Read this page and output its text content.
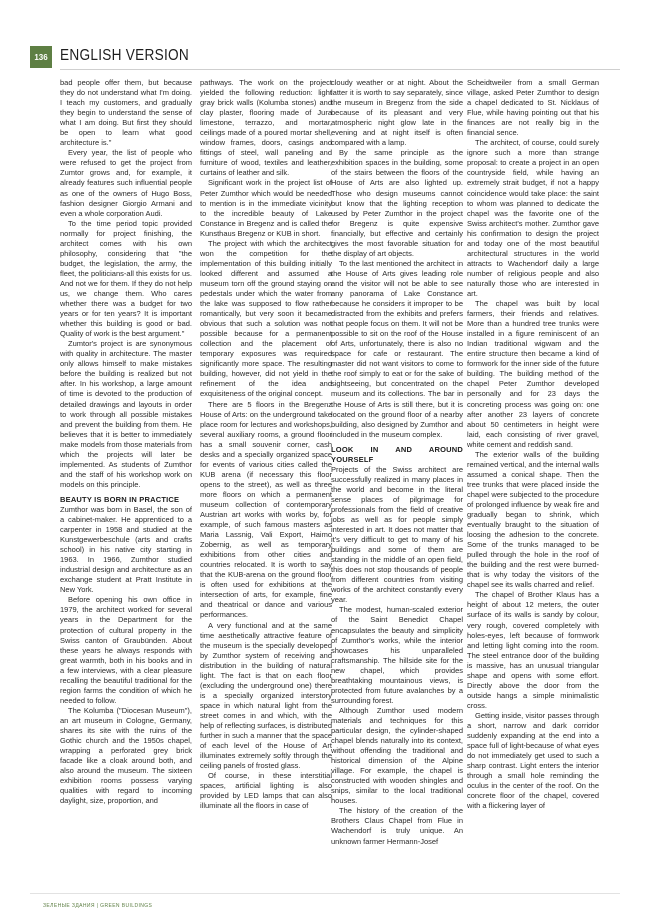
136 ENGLISH VERSION

bad people offer them, but because they do not understand what I'm doing. I teach my customers, and gradually they begin to understand the sense of what I am doing. But first they should be open to learn what good architecture is."

Every year, the list of people who were refused to get the project from Zumtor grows and, for example, it already features such influential people as one of the owners of Hugo Boss, fashion designer Giorgio Armani and even a whole corporation Audi.

To the time period topic provided normally for project finishing, the architect comes with his own philosophy, considering that "the budget, the legislation, the army, the fleet, the politicians-all this exists for us. And not we for them. If they do not help us, we change them. Who cares whether there was a budget for two years or for ten years? It is important whether this building is good or bad. Quality of work is the best argument."

Zumtor's project is are synonymous with quality in architecture. The master only allows himself to make mistakes before the building is realized but not after. In his workshop, a large amount of time is devoted to the production of detailed drawings and layouts in order to work through all possible mistakes and prevent the building from them. He believes that it is better to immediately make models from those materials from which the projects will later be implemented. As students of Zumthor and the staff of his workshop work on models on this principle.

BEAUTY IS BORN IN PRACTICE

Zumthor was born in Basel, the son of a cabinet-maker. He apprenticed to a carpenter in 1958 and studied at the Kunstgewerbeschule (arts and crafts school) in his native city starting in 1963. In 1966, Zumthor studied industrial design and architecture as an exchange student at Pratt Institute in New York.

Before opening his own office in 1979, the architect worked for several years in the Department for the protection of cultural property in the Swiss canton of Graubünden. About these years he always responds with great warmth, both in his books and in a few interviews, with a clear pleasure recalling the beautiful traditional for the region farms the condition of which he needed to follow.

The Kolumba ("Diocesan Museum"), an art museum in Cologne, Germany, shares its site with the ruins of the Gothic church and the 1950s chapel, wrapping a perforated grey brick facade like a cloak around both, and also around the museum. The sixteen exhibition rooms possess varying qualities with regard to incoming daylight, size, proportion, and

pathways. The work on the project yielded the following reduction: light gray brick walls (Kolumba stones) and clay plaster, flooring made of Jura limestone, terrazzo, and mortar, ceilings made of a poured mortar shell, window frames, doors, casings and fittings of steel, wall paneling and furniture of wood, textiles and leather, curtains of leather and silk.

Significant work in the project list of Peter Zumthor which would be needed to mention is in the immediate vicinity to the incredible beauty of Lake Constance in Bregenz and is called the Kunsthaus Bregenz or KUB in short.

The project with which the architect won the competition for the implementation of this building initially looked different and assumed a museum torn off the ground staying on pedestals under which the water from the lake was supposed to flow rather romantically, but very soon it became obvious that such a solution was not possible because for a permanent collection and the placement of temporary exposures was required significantly more space. The resulting building, however, did not yield in the refinement of the idea and exquisiteness of the original concept.

There are 5 floors in the Bregenz House of Arts: on the underground take place room for lectures and workshops, several auxiliary rooms, a ground floor has a small souvenir corner, cash desks and a specially organized space for events of various cities called the KUB arena (if necessary this floor opens to the street), as well as three more floors on which a permanent museum collection of contemporary Austrian art works with works by, for example, of such famous masters as Maria Lassnig, Vali Export, Haimo Zobernig, as well as temporary exhibitions from other cities and countries relocated. It is worth to say that the KUB-arena on the ground floor is often used for exhibitions at the intersection of arts, for example, fine and theatrical or dance and various performances.

A very functional and at the same time aesthetically attractive feature of the museum is the specially developed by Zumthor system of receiving and distribution in the building of natural light. The fact is that on each floor (excluding the underground one) there is a specially organized interstory space in which natural light from the street comes in and which, with the help of reflecting surfaces, is distributed further in such a manner that the space of each level of the House of Art illuminates extremely softly through the ceiling panels of frosted glass.

Of course, in these interstitial spaces, artificial lighting is also provided by LED lamps that can also illuminate all the floors in case of

cloudy weather or at night. About the latter it is worth to say separately, since the museum in Bregenz from the side because of its pleasant and very atmospheric night glow late in the evening and at night itself is often compared with a lamp.

By the same principle as the exhibition spaces in the building, some of the stairs between the floors of the House of Arts are also lighted up. Those who design museums cannot but know that the lighting reception used by Peter Zumthor in the project for Bregenz is quite expensive financially, but effective and certainly gives the most favorable situation for the display of art objects.

To the last mentioned the architect in the House of Arts gives leading role and the visitor will not be able to see any panorama of Lake Constance because he considers it improper to be distracted from the exhibits and prefers that people focus on them. It will not be possible to sit on the roof of the House of Arts, unfortunately, there is also no space for cafe or restaurant. The master did not want visitors to come to the roof simply to eat or for the sake of sightseeing, but concentrated on the museum and its collections. The bar in the House of Arts is still there, but it is located on the ground floor of a nearby building, also designed by Zumthor and included in the museum complex.

LOOK IN AND AROUND YOURSELF

Projects of the Swiss architect are successfully realized in many places in the world and become in the literal sense places of pilgrimage for professionals from the field of creative jobs as well as for people simply interested in art. It does not matter that it's very difficult to get to many of his buildings and some of them are standing in the middle of an open field, this does not stop thousands of people from different countries from visiting works of the architect constantly every year.

The modest, human-scaled exterior of the Saint Benedict Chapel encapsulates the beauty and simplicity of Zumthor's works, while the interior showcases his unparalleled craftsmanship. The hillside site for the new chapel, which provides breathtaking mountainous views, is protected from future avalanches by a surrounding forest.

Although Zumthor used modern materials and techniques for this particular design, the cylinder-shaped chapel blends naturally into its context, without offending the traditional and historical dimension of the Alpine village. For example, the chapel is constructed with wooden shingles and snips, similar to the local traditional houses.

The history of the creation of the Brothers Claus Chapel from Flue in Wachendorf is truly unique. An unknown farmer Hermann-Josef

Scheidtweiler from a small German village, asked Peter Zumthor to design a chapel dedicated to St. Nicklaus of Flue, while having pointing out that his finances are not really big in the financial sence.

The architect, of course, could surely ignore such a more than strange proposal: to create a project in an open countryside field, while having an extremely strait budget, if not a happy coincidence would take place: the saint to whom was planned to dedicate the chapel was the favorite one of the Swiss architect's mother. Zumthor gave his confirmation to design the project and today one of the most beautiful architectural structures in the world attracts to Wachendorf daily a large number of religious people and also naturally those who are interested in art.

The chapel was built by local farmers, their friends and relatives. More than a hundred tree trunks were installed in a figure reminiscent of an Indian traditional wigwam and the entire structure then became a kind of formwork for the inner side of the future building. The building method of the chapel Peter Zumthor developed personally and for 23 days the concreting process was going on: one after another 23 layers of concrete about 50 centimeters in height were laid, each consisting of river gravel, white cement and reddish sand.

The exterior walls of the building remained vertical, and the internal walls assumed a conical shape. Then the tree trunks that were placed inside the chapel were subjected to the procedure of prolonged influence by weak fire and gradually began to shrink, which eventually braught to the situation of loosing the adhesion to the concrete. Some of the trunks managed to be pulled through the hole in the roof of the building and the rest were burned-that is why today the visitors of the chapel see its walls charred and relief.

The chapel of Brother Klaus has a height of about 12 meters, the outer surface of its walls is sandy by colour, very rough, covered completely with holes-eyes, left because of formwork and letting light coming into the room. The steel entrance door of the building is massive, has an unusual triangular shape and opens with some effort. Directly above the door from the outside hangs a simple minimalistic cross.

Getting inside, visitor passes through a short, narrow and dark corridor suddenly expanding at the end into a space full of light-because of what eyes do not immediately get used to such a sharp contrast. Light enters the interior through a small hole reminding the oculus in the center of the roof. On the concrete floor of the chapel, covered with a flickering layer of

ЗЕЛЕНЫЕ ЗДАНИЯ | GREEN BUILDINGS
